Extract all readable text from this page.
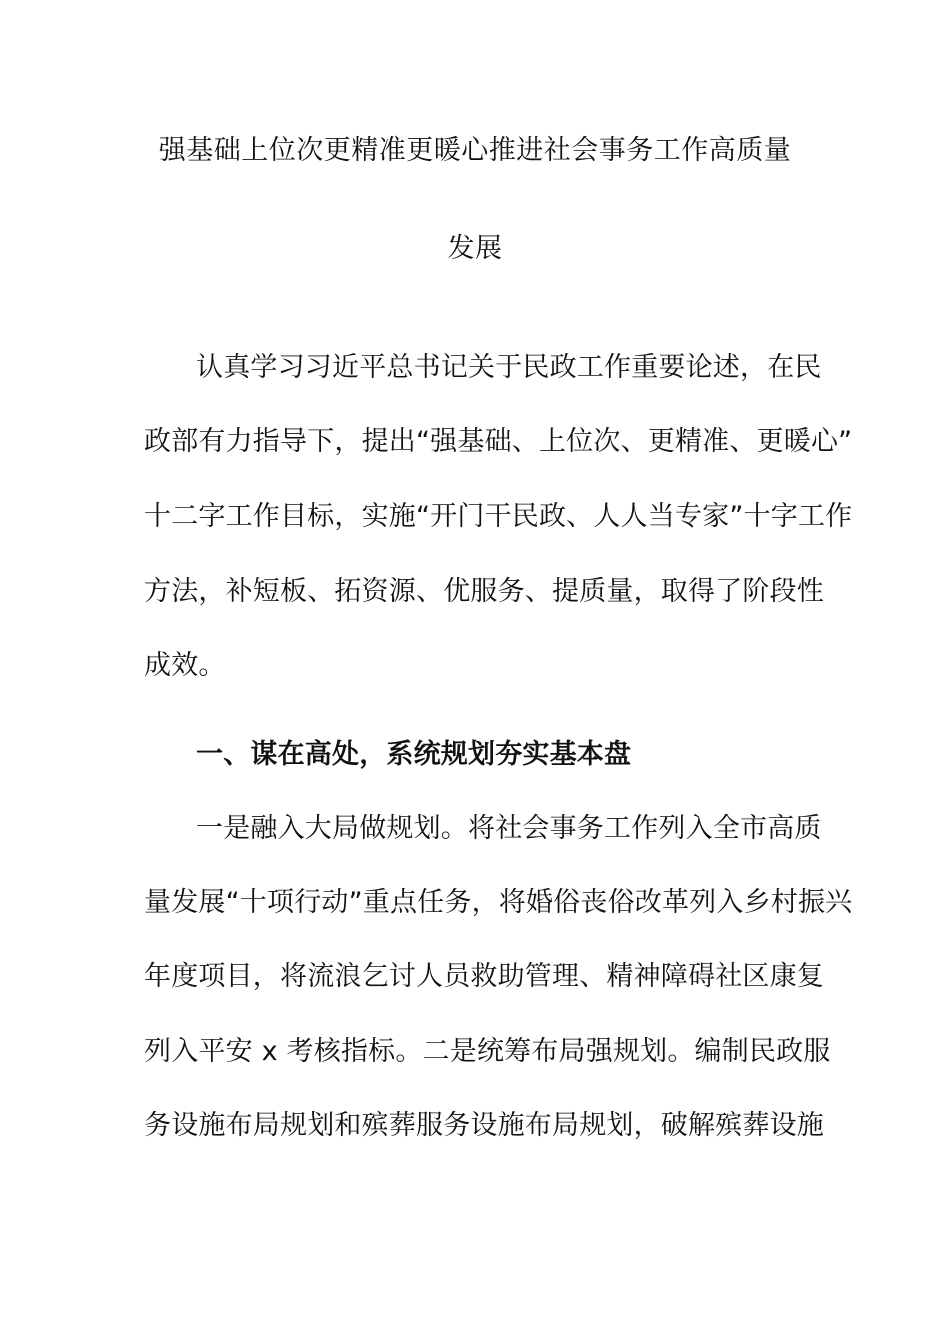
强基础上位次更精准更暖心推进社会事务工作高质量
发展
认真学习习近平总书记关于民政工作重要论述，在民
政部有力指导下，提出“强基础、上位次、更精准、更暖心”
十二字工作目标，实施“开门干民政、人人当专家”十字工作
方法，补短板、拓资源、优服务、提质量，取得了阶段性
成效。
一、谋在高处，系统规划夯实基本盘
一是融入大局做规划。将社会事务工作列入全市高质
量发展“十项行动”重点任务，将婚俗丧俗改革列入乡村振兴
年度项目，将流浪乞讨人员救助管理、精神障碍社区康复
列入平安 x 考核指标。二是统筹布局强规划。编制民政服
务设施布局规划和殡葬服务设施布局规划，破解殡葬设施
